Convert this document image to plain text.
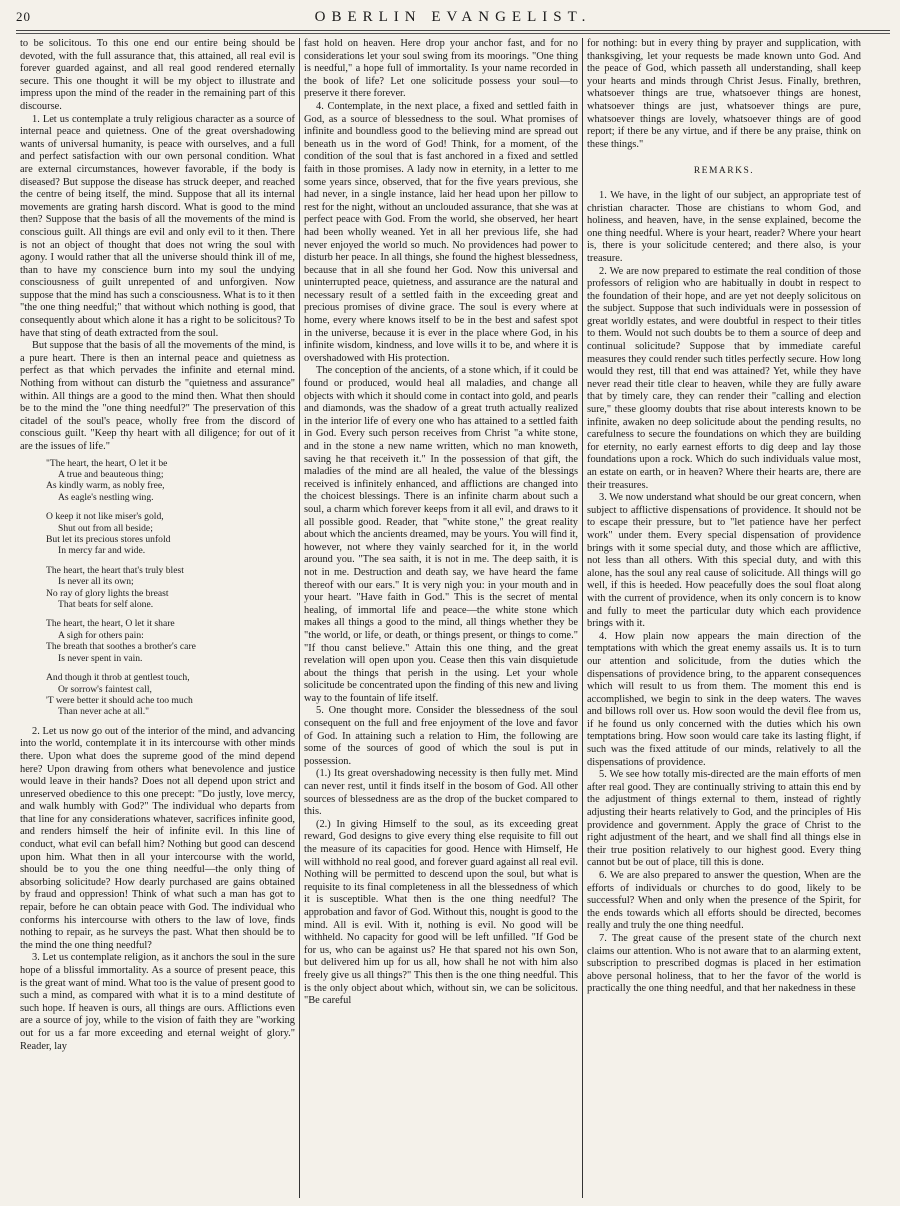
20	OBERLIN EVANGELIST.

to be solicitous. To this one end our entire being should be devoted, with the full assurance that, this attained, all real evil is forever guarded against, and all real good rendered eternally secure. This one thought it will be my object to illustrate and impress upon the mind of the reader in the remaining part of this discourse.

1. Let us contemplate a truly religious character as a source of internal peace and quietness. One of the great overshadowing wants of universal humanity, is peace with ourselves, and a full and perfect satisfaction with our own personal condition. What are external circumstances, however favorable, if the body is diseased? But suppose the disease has struck deeper, and reached the centre of being itself, the mind. Suppose that all its internal movements are grating harsh discord. What is good to the mind then? Suppose that the basis of all the movements of the mind is conscious guilt. All things are evil and only evil to it then. There is not an object of thought that does not wring the soul with agony. I would rather that all the universe should think ill of me, than to have my conscience burn into my soul the undying consciousness of guilt unrepented of and unforgiven. Now suppose that the mind has such a consciousness. What is to it then "the one thing needful;" that without which nothing is good, that consequently about which alone it has a right to be solicitous? To have that sting of death extracted from the soul.

But suppose that the basis of all the movements of the mind, is a pure heart. There is then an internal peace and quietness as perfect as that which pervades the infinite and eternal mind. Nothing from without can disturb the "quietness and assurance" within. All things are a good to the mind then. What then should be to the mind the "one thing needful?" The preservation of this citadel of the soul's peace, wholly free from the discord of conscious guilt. "Keep thy heart with all diligence; for out of it are the issues of life."

"The heart, the heart, O let it be
A true and beauteous thing;
As kindly warm, as nobly free,
As eagle's nestling wing.
O keep it not like miser's gold,
Shut out from all beside;
But let its precious stores unfold
In mercy far and wide.
The heart, the heart that's truly blest
Is never all its own;
No ray of glory lights the breast
That beats for self alone.
The heart, the heart, O let it share
A sigh for others pain:
The breath that soothes a brother's care
Is never spent in vain.
And though it throb at gentlest touch,
Or sorrow's faintest call,
'T were better it should ache too much
Than never ache at all."

2. Let us now go out of the interior of the mind, and advancing into the world, contemplate it in its intercourse with other minds there. Upon what does the supreme good of the mind depend here? Upon drawing from others what benevolence and justice would leave in their hands? Does not all depend upon strict and unreserved obedience to this one precept: "Do justly, love mercy, and walk humbly with God?" The individual who departs from that line for any considerations whatever, sacrifices infinite good, and renders himself the heir of infinite evil. In this line of conduct, what evil can befall him? Nothing but good can descend upon him. What then in all your intercourse with the world, should be to you the one thing needful—the only thing of absorbing solicitude? How dearly purchased are gains obtained by fraud and oppression! Think of what such a man has got to repair, before he can obtain peace with God. The individual who conforms his intercourse with others to the law of love, finds nothing to repair, as he surveys the past. What then should be to the mind the one thing needful?

3. Let us contemplate religion, as it anchors the soul in the sure hope of a blissful immortality. As a source of present peace, this is the great want of mind. What too is the value of present good to such a mind, as compared with what it is to a mind destitute of such hope. If heaven is ours, all things are ours. Afflictions even are a source of joy, while to the vision of faith they are "working out for us a far more exceeding and eternal weight of glory." Reader, lay

fast hold on heaven. Here drop your anchor fast, and for no considerations let your soul swing from its moorings. "One thing is needful," a hope full of immortality. Is your name recorded in the book of life? Let one solicitude possess your soul—to preserve it there forever.

4. Contemplate, in the next place, a fixed and settled faith in God, as a source of blessedness to the soul. What promises of infinite and boundless good to the believing mind are spread out beneath us in the word of God! Think, for a moment, of the condition of the soul that is fast anchored in a fixed and settled faith in those promises. A lady now in eternity, in a letter to me some years since, observed, that for the five years previous, she had never, in a single instance, laid her head upon her pillow to rest for the night, without an unclouded assurance, that she was at perfect peace with God. From the world, she observed, her heart had been wholly weaned. Yet in all her previous life, she had never enjoyed the world so much. No providences had power to disturb her peace. In all things, she found the highest blessedness, because that in all she found her God. Now this universal and uninterrupted peace, quietness, and assurance are the natural and necessary result of a settled faith in the exceeding great and precious promises of divine grace. The soul is every where at home, every where knows itself to be in the best and safest spot in the universe, because it is ever in the place where God, in his infinite wisdom, kindness, and love wills it to be, and where it is overshadowed with His protection.

The conception of the ancients, of a stone which, if it could be found or produced, would heal all maladies, and change all objects with which it should come in contact into gold, and pearls and diamonds, was the shadow of a great truth actually realized in the interior life of every one who has attained to a settled faith in God. Every such person receives from Christ "a white stone, and in the stone a new name written, which no man knoweth, saving he that receiveth it." In the possession of that gift, the maladies of the mind are all healed, the value of the blessings received is infinitely enhanced, and afflictions are changed into the choicest blessings. There is an infinite charm about such a soul, a charm which forever keeps from it all evil, and draws to it all possible good. Reader, that "white stone," the great reality about which the ancients dreamed, may be yours. You will find it, however, not where they vainly searched for it, in the world around you. "The sea saith, it is not in me. The deep saith, it is not in me. Destruction and death say, we have heard the fame thereof with our ears." It is very nigh you: in your mouth and in your heart. "Have faith in God." This is the secret of mental healing, of immortal life and peace—the white stone which makes all things a good to the mind, all things whether they be "the world, or life, or death, or things present, or things to come." "If thou canst believe." Attain this one thing, and the great revelation will open upon you. Cease then this vain disquietude about the things that perish in the using. Let your whole solicitude be concentrated upon the finding of this new and living way to the fountain of life itself.

5. One thought more. Consider the blessedness of the soul consequent on the full and free enjoyment of the love and favor of God. In attaining such a relation to Him, the following are some of the sources of good of which the soul is put in possession.

(1.) Its great overshadowing necessity is then fully met. Mind can never rest, until it finds itself in the bosom of God. All other sources of blessedness are as the drop of the bucket compared to this.

(2.) In giving Himself to the soul, as its exceeding great reward, God designs to give every thing else requisite to fill out the measure of its capacities for good. Hence with Himself, He will withhold no real good, and forever guard against all real evil. Nothing will be permitted to descend upon the soul, but what is requisite to its final completeness in all the blessedness of which it is susceptible. What then is the one thing needful? The approbation and favor of God. Without this, nought is good to the mind. All is evil. With it, nothing is evil. No good will be withheld. No capacity for good will be left unfilled. "If God be for us, who can be against us? He that spared not his own Son, but delivered him up for us all, how shall he not with him also freely give us all things?" This then is the one thing needful. This is the only object about which, without sin, we can be solicitous. "Be careful

for nothing: but in every thing by prayer and supplication, with thanksgiving, let your requests be made known unto God. And the peace of God, which passeth all understanding, shall keep your hearts and minds through Christ Jesus. Finally, brethren, whatsoever things are true, whatsoever things are honest, whatsoever things are just, whatsoever things are pure, whatsoever things are lovely, whatsoever things are of good report; if there be any virtue, and if there be any praise, think on these things."

REMARKS.

1. We have, in the light of our subject, an appropriate test of christian character. Those are chistians to whom God, and holiness, and heaven, have, in the sense explained, become the one thing needful. Where is your heart, reader? Where your heart is, there is your solicitude centered; and there also, is your treasure.

2. We are now prepared to estimate the real condition of those professors of religion who are habitually in doubt in respect to the foundation of their hope, and are yet not deeply solicitous on the subject. Suppose that such individuals were in possession of great worldly estates, and were doubtful in respect to their titles to them. Would not such doubts be to them a source of deep and continual solicitude? Suppose that by immediate careful measures they could render such titles perfectly secure. How long would they rest, till that end was attained? Yet, while they have never read their title clear to heaven, while they are fully aware that by timely care, they can render their "calling and election sure," these gloomy doubts that rise about interests known to be infinite, awaken no deep solicitude about the pending results, no carefulness to secure the foundations on which they are building for eternity, no early earnest efforts to dig deep and lay those foundations upon a rock. Which do such individuals value most, an estate on earth, or in heaven? Where their hearts are, there are their treasures.

3. We now understand what should be our great concern, when subject to afflictive dispensations of providence. It should not be to escape their pressure, but to "let patience have her perfect work" under them. Every special dispensation of providence brings with it some special duty, and those which are afflictive, not less than all others. With this special duty, and with this alone, has the soul any real cause of solicitude. All things will go well, if this is heeded. How peacefully does the soul float along with the current of providence, when its only concern is to know and fully to meet the particular duty which each providence brings with it.

4. How plain now appears the main direction of the temptations with which the great enemy assails us. It is to turn our attention and solicitude, from the duties which the dispensations of providence bring, to the apparent consequences which will result to us from them. The moment this end is accomplished, we begin to sink in the deep waters. The waves and billows roll over us. How soon would the devil flee from us, if he found us only concerned with the duties which his own temptations bring. How soon would care take its lasting flight, if such was the fixed attitude of our minds, relatively to all the dispensations of providence.

5. We see how totally mis-directed are the main efforts of men after real good. They are continually striving to attain this end by the adjustment of things external to them, instead of rightly adjusting their hearts relatively to God, and the principles of His providence and government. Apply the grace of Christ to the right adjustment of the heart, and we shall find all things else in their true position relatively to our highest good. Every thing cannot but be out of place, till this is done.

6. We are also prepared to answer the question, When are the efforts of individuals or churches to do good, likely to be successful? When and only when the presence of the Spirit, for the ends towards which all efforts should be directed, becomes really and truly the one thing needful.

7. The great cause of the present state of the church next claims our attention. Who is not aware that to an alarming extent, subscription to prescribed dogmas is placed in her estimation above personal holiness, that to her the favor of the world is practically the one thing needful, and that her nakedness in these
